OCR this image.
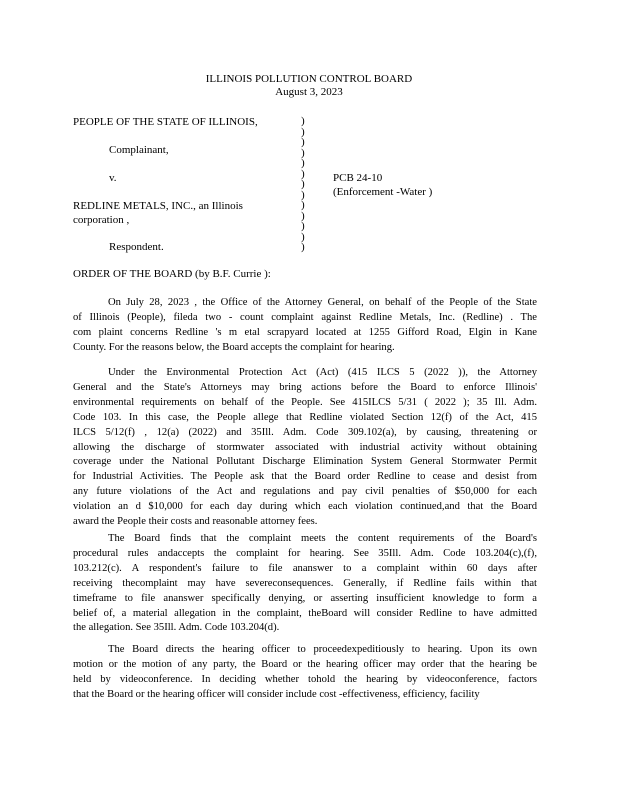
ILLINOIS POLLUTION CONTROL BOARD
August 3, 2023
PEOPLE OF THE STATE OF ILLINOIS,
Complainant,
v.	PCB 24-10
(Enforcement -Water )
REDLINE METALS, INC., an Illinois
corporation ,
Respondent.
)
)
)
)
)
)
)
)
)
)
)
)
)
ORDER OF THE BOARD (by B.F. Currie ):
On July 28, 2023 , the Office of the Attorney General, on behalf of the People of the State
of Illinois (People), fileda two - count complaint against Redline Metals, Inc. (Redline) . The
com plaint concerns Redline 's m etal scrapyard located at 1255 Gifford Road, Elgin in Kane
County. For the reasons below, the Board accepts the complaint for hearing.
Under the Environmental Protection Act (Act) (415 ILCS 5 (2022 )), the Attorney
General and the State's Attorneys may bring actions before the Board to enforce Illinois'
environmental requirements on behalf of the People. See 415ILCS 5/31 ( 2022 ); 35 Ill. Adm.
Code 103. In this case, the People allege that Redline violated Section 12(f) of the Act, 415
ILCS 5/12(f) , 12(a) (2022) and 35Ill. Adm. Code 309.102(a), by causing, threatening or
allowing the discharge of stormwater associated with industrial activity without obtaining
coverage under the National Pollutant Discharge Elimination System General Stormwater Permit
for Industrial Activities. The People ask that the Board order Redline to cease and desist from
any future violations of the Act and regulations and pay civil penalties of $50,000 for each
violation an d $10,000 for each day during which each violation continued,and that the Board
award the People their costs and reasonable attorney fees.
The Board finds that the complaint meets the content requirements of the Board's
procedural rules andaccepts the complaint for hearing. See 35Ill. Adm. Code 103.204(c),(f),
103.212(c). A respondent's failure to file ananswer to a complaint within 60 days after
receiving thecomplaint may have severeconsequences. Generally, if Redline fails within that
timeframe to file ananswer specifically denying, or asserting insufficient knowledge to form a
belief of, a material allegation in the complaint, theBoard will consider Redline to have admitted
the allegation. See 35Ill. Adm. Code 103.204(d).
The Board directs the hearing officer to proceedexpeditiously to hearing. Upon its own
motion or the motion of any party, the Board or the hearing officer may order that the hearing be
held by videoconference. In deciding whether tohold the hearing by videoconference, factors
that the Board or the hearing officer will consider include cost -effectiveness, efficiency, facility
